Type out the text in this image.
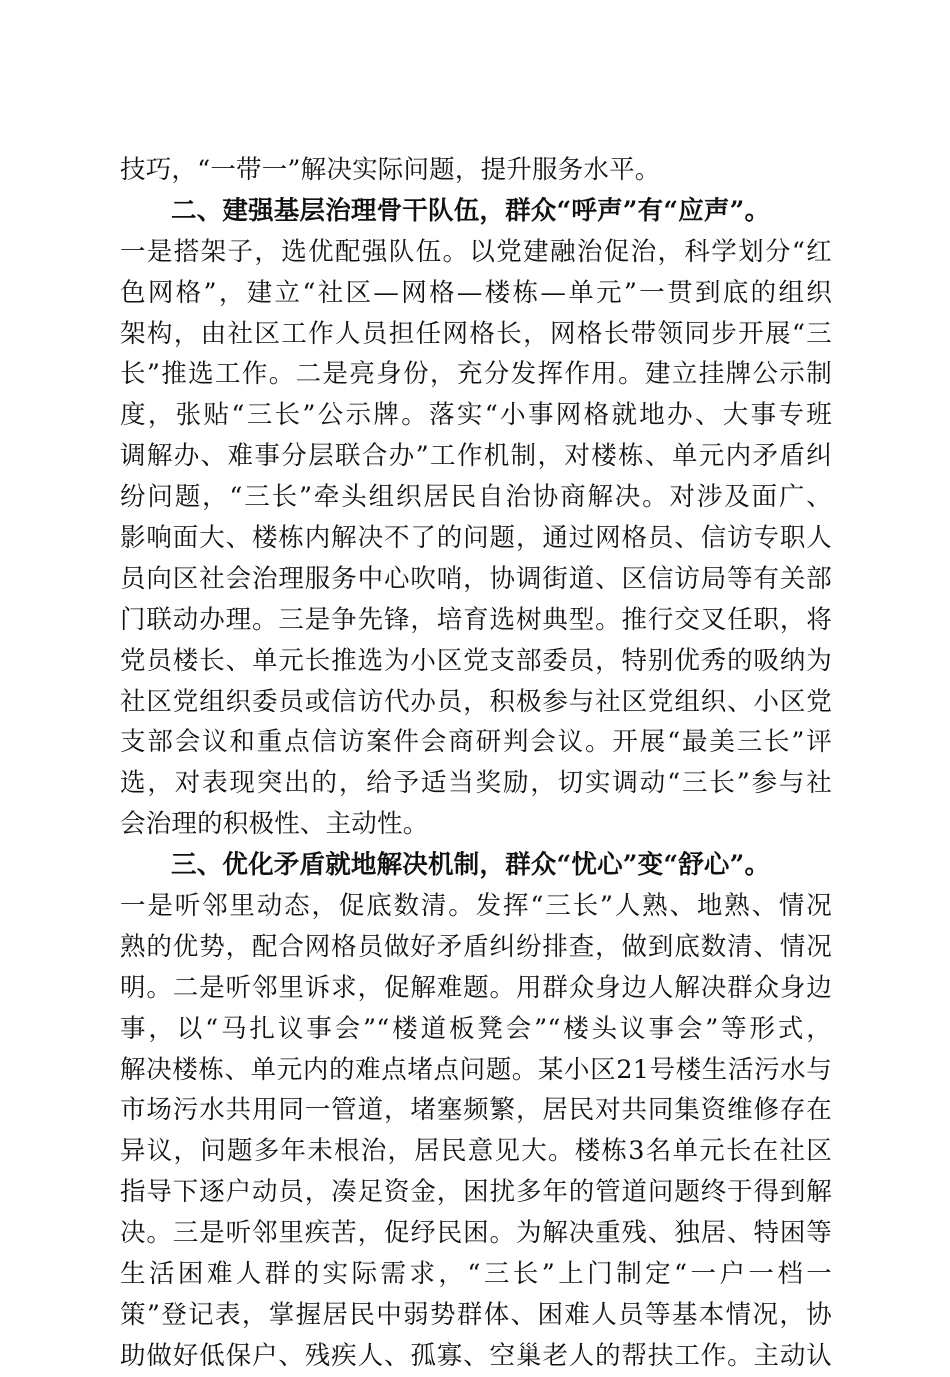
技巧，“一带一”解决实际问题，提升服务水平。
二、建强基层治理骨干队伍，群众“呼声”有“应声”。
一是搭架子，选优配强队伍。以党建融治促治，科学划分“红
色网格”，建立“社区—网格—楼栋—单元”一贯到底的组织
架构，由社区工作人员担任网格长，网格长带领同步开展“三
长”推选工作。二是亮身份，充分发挥作用。建立挂牌公示制
度，张贴“三长”公示牌。落实“小事网格就地办、大事专班
调解办、难事分层联合办”工作机制，对楼栋、单元内矛盾纠
纷问题，“三长”牵头组织居民自治协商解决。对涉及面广、
影响面大、楼栋内解决不了的问题，通过网格员、信访专职人
员向区社会治理服务中心吹哨，协调街道、区信访局等有关部
门联动办理。三是争先锋，培育选树典型。推行交叉任职，将
党员楼长、单元长推选为小区党支部委员，特别优秀的吸纳为
社区党组织委员或信访代办员，积极参与社区党组织、小区党
支部会议和重点信访案件会商研判会议。开展“最美三长”评
选，对表现突出的，给予适当奖励，切实调动“三长”参与社
会治理的积极性、主动性。
三、优化矛盾就地解决机制，群众“忧心”变“舒心”。
一是听邻里动态，促底数清。发挥“三长”人熟、地熟、情况
熟的优势，配合网格员做好矛盾纠纷排查，做到底数清、情况
明。二是听邻里诉求，促解难题。用群众身边人解决群众身边
事，以“马扎议事会”“楼道板凳会”“楼头议事会”等形式，
解决楼栋、单元内的难点堵点问题。某小区21号楼生活污水与
市场污水共用同一管道，堵塞频繁，居民对共同集资维修存在
异议，问题多年未根治，居民意见大。楼栋3名单元长在社区
指导下逐户动员，凑足资金，困扰多年的管道问题终于得到解
决。三是听邻里疾苦，促纾民困。为解决重残、独居、特困等
生活困难人群的实际需求，“三长”上门制定“一户一档一
策”登记表，掌握居民中弱势群体、困难人员等基本情况，协
助做好低保户、残疾人、孤寡、空巢老人的帮扶工作。主动认
